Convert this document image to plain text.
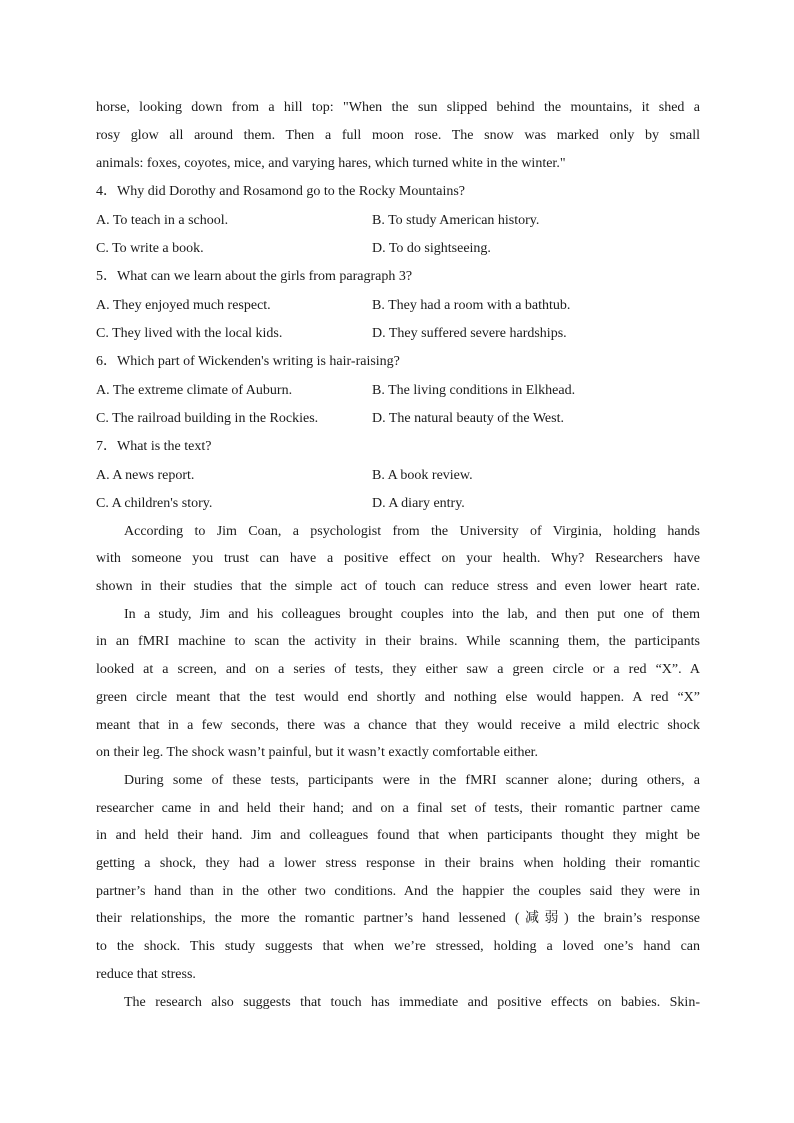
horse, looking down from a hill top: "When the sun slipped behind the mountains, it shed a
rosy glow all around them. Then a full moon rose. The snow was marked only by small
animals: foxes, coyotes, mice, and varying hares, which turned white in the winter."
4．Why did Dorothy and Rosamond go to the Rocky Mountains?
A. To teach in a school.	B. To study American history.
C. To write a book.	D. To do sightseeing.
5．What can we learn about the girls from paragraph 3?
A. They enjoyed much respect.	B. They had a room with a bathtub.
C. They lived with the local kids.	D. They suffered severe hardships.
6．Which part of Wickenden's writing is hair-raising?
A. The extreme climate of Auburn.	B. The living conditions in Elkhead.
C. The railroad building in the Rockies.	D. The natural beauty of the West.
7．What is the text?
A. A news report.	B. A book review.
C. A children's story.	D. A diary entry.
According to Jim Coan, a psychologist from the University of Virginia, holding hands
with someone you trust can have a positive effect on your health. Why? Researchers have
shown in their studies that the simple act of touch can reduce stress and even lower heart rate.
In a study, Jim and his colleagues brought couples into the lab, and then put one of them
in an fMRI machine to scan the activity in their brains. While scanning them, the participants
looked at a screen, and on a series of tests, they either saw a green circle or a red “X”. A
green circle meant that the test would end shortly and nothing else would happen. A red “X”
meant that in a few seconds, there was a chance that they would receive a mild electric shock
on their leg. The shock wasn’t painful, but it wasn’t exactly comfortable either.
During some of these tests, participants were in the fMRI scanner alone; during others, a
researcher came in and held their hand; and on a final set of tests, their romantic partner came
in and held their hand. Jim and colleagues found that when participants thought they might be
getting a shock, they had a lower stress response in their brains when holding their romantic
partner’s hand than in the other two conditions. And the happier the couples said they were in
their relationships, the more the romantic partner’s hand lessened (减弱) the brain’s response
to the shock. This study suggests that when we’re stressed, holding a loved one’s hand can
reduce that stress.
The research also suggests that touch has immediate and positive effects on babies. Skin-
